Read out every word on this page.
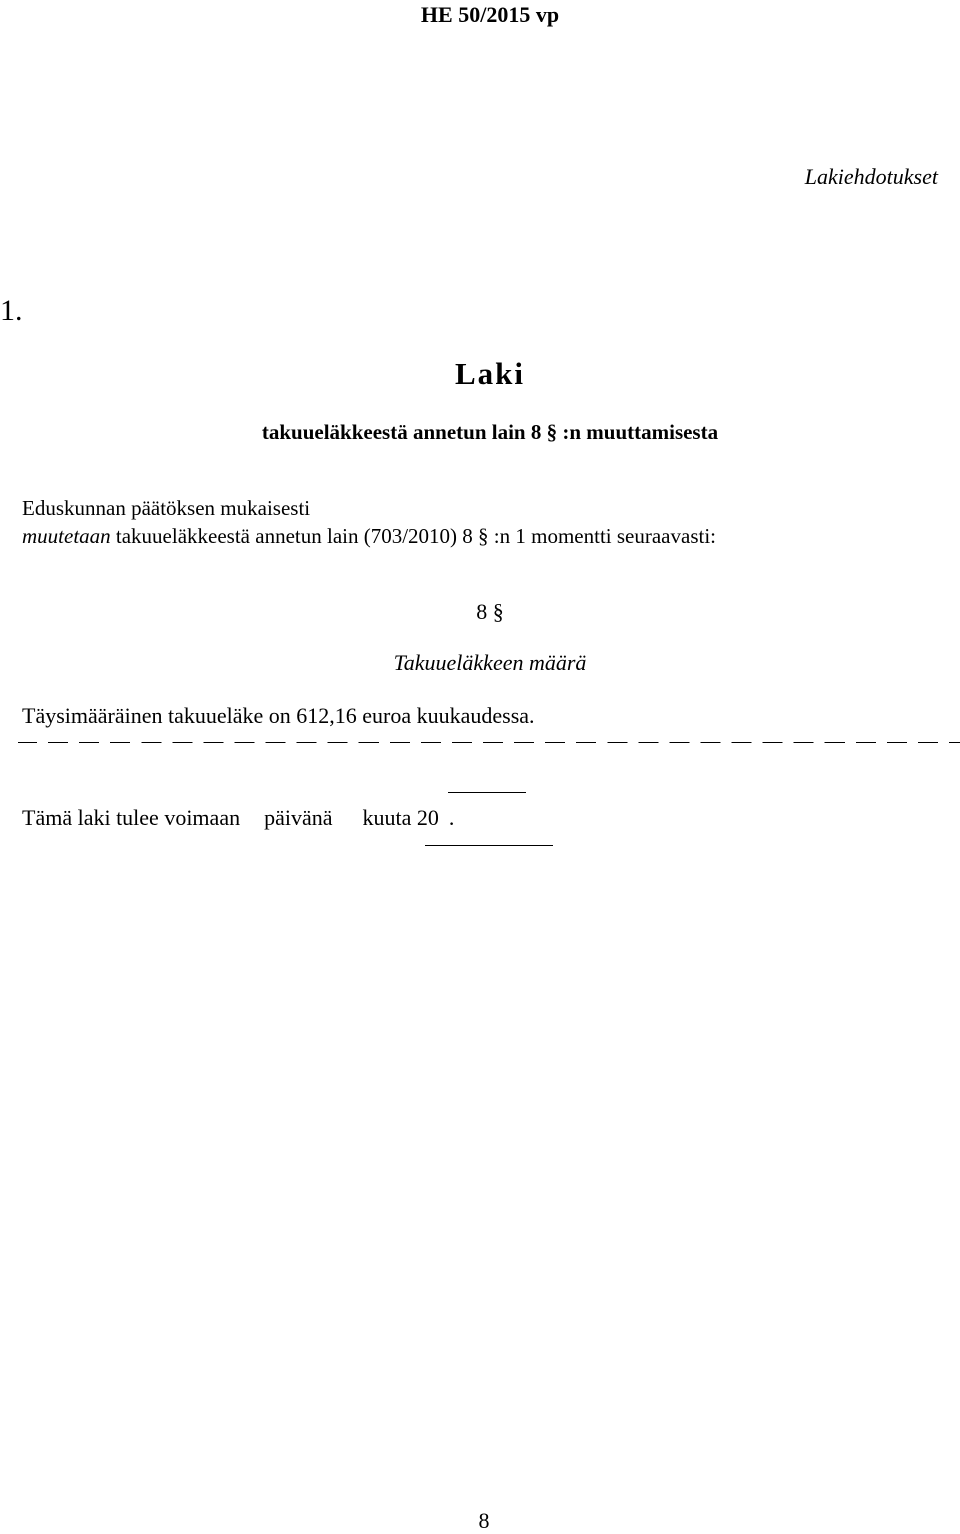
HE 50/2015 vp
Lakiehdotukset
1.
Laki
takuueläkkeestä annetun lain 8 § :n muuttamisesta
Eduskunnan päätöksen mukaisesti
muutetaan takuueläkkeestä annetun lain (703/2010) 8 § :n 1 momentti seuraavasti:
8 §
Takuueläkkeen määrä
Täysimääräinen takuueläke on 612,16 euroa kuukaudessa.
Tämä laki tulee voimaan päivänä kuuta 20 .
8
